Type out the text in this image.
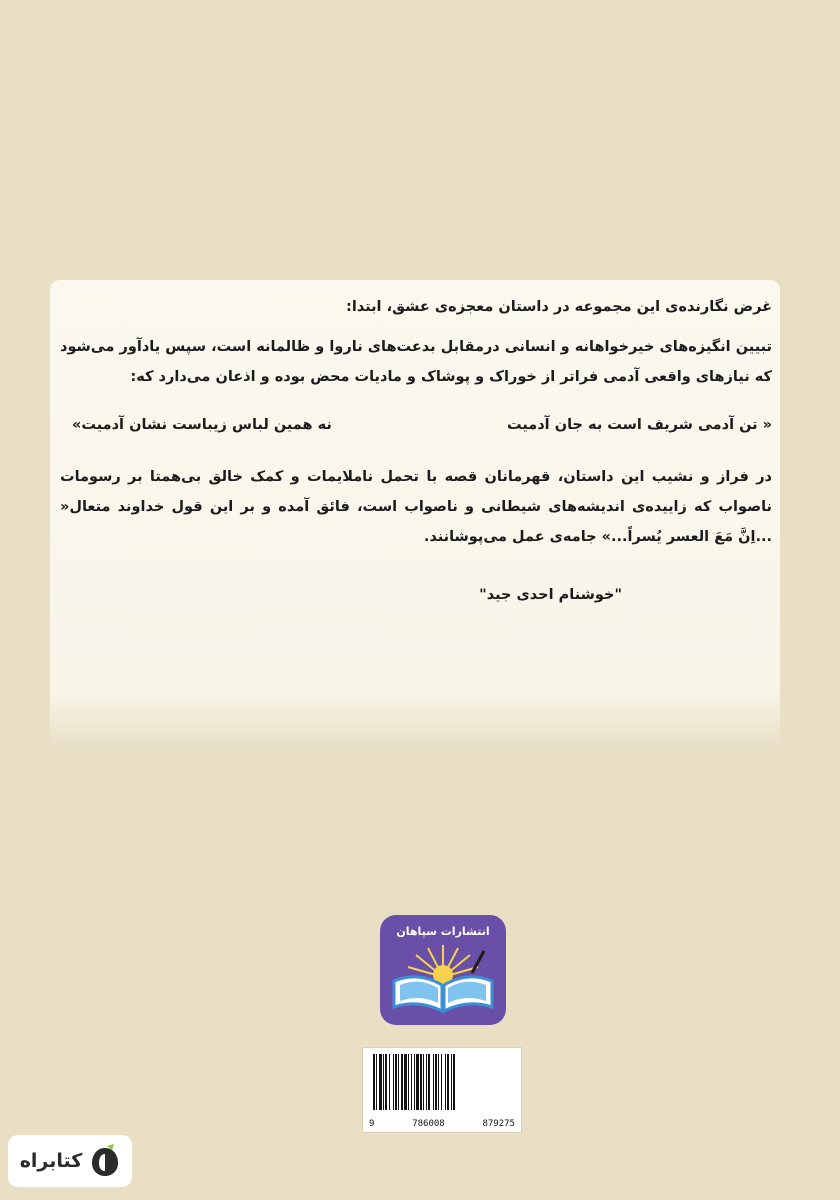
غرض نگارنده‌ی این مجموعه در داستان معجزه‌ی عشق، ابتدا:

تبیین انگیزه‌های خیرخواهانه و انسانی درمقابل بدعت‌های ناروا و ظالمانه است، سپس یادآور می‌شود که نیازهای واقعی آدمی فراتر از خوراک و پوشاک و مادیات محض بوده و اذعان می‌دارد که:

« تن آدمی شریف است به جان آدمیت
نه همین لباس زیباست نشان آدمیت»

در فراز و نشیب این داستان، قهرمانان قصه با تحمل ناملایمات و کمک خالق بی‌همتا بر رسومات ناصواب که زاییده‌ی اندیشه‌های شیطانی و ناصواب است، فائق آمده و بر این قول خداوند متعال« ...اِنَّ مَعَ العسر یُسراً...» جامه‌ی عمل می‌پوشانند.

"خوشنام احدی جید"

انتشارات سپاهان
9	786008	879275
کتابراه
